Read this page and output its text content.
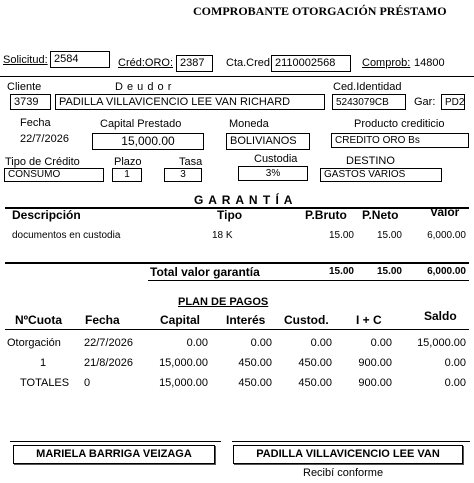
COMPROBANTE OTORGACIÓN PRÉSTAMO
Solicitud: 2584	Créd:ORO: 2387	Cta.Cred 2110002568	Comprob: 14800
Cliente
3739
D e u d o r
PADILLA VILLAVICENCIO LEE VAN RICHARD
Ced.Identidad
5243079CB	Gar: PD2
Fecha
22/7/2026
Capital Prestado
15,000.00
Moneda
BOLIVIANOS
Producto crediticio
CREDITO ORO Bs
Tipo de Crédito
CONSUMO
Plazo
1
Tasa
3
Custodia
3%
DESTINO
GASTOS VARIOS
G A R A N T Í A
Descripción	Tipo	P.Bruto P.Neto	Valor
documentos en custodia	18 K	15.00	15.00	6,000.00
Total valor garantía	15.00	15.00	6,000.00
PLAN DE PAGOS
NºCuota Fecha	Capital Interés Custod. I + C	Saldo
Otorgación 22/7/2026	0.00	0.00	0.00	0.00	15,000.00
1	21/8/2026	15,000.00	450.00	450.00	900.00	0.00
TOTALES 0	15,000.00	450.00	450.00	900.00	0.00
MARIELA BARRIGA VEIZAGA	PADILLA VILLAVICENCIO LEE VAN
Recibí conforme
